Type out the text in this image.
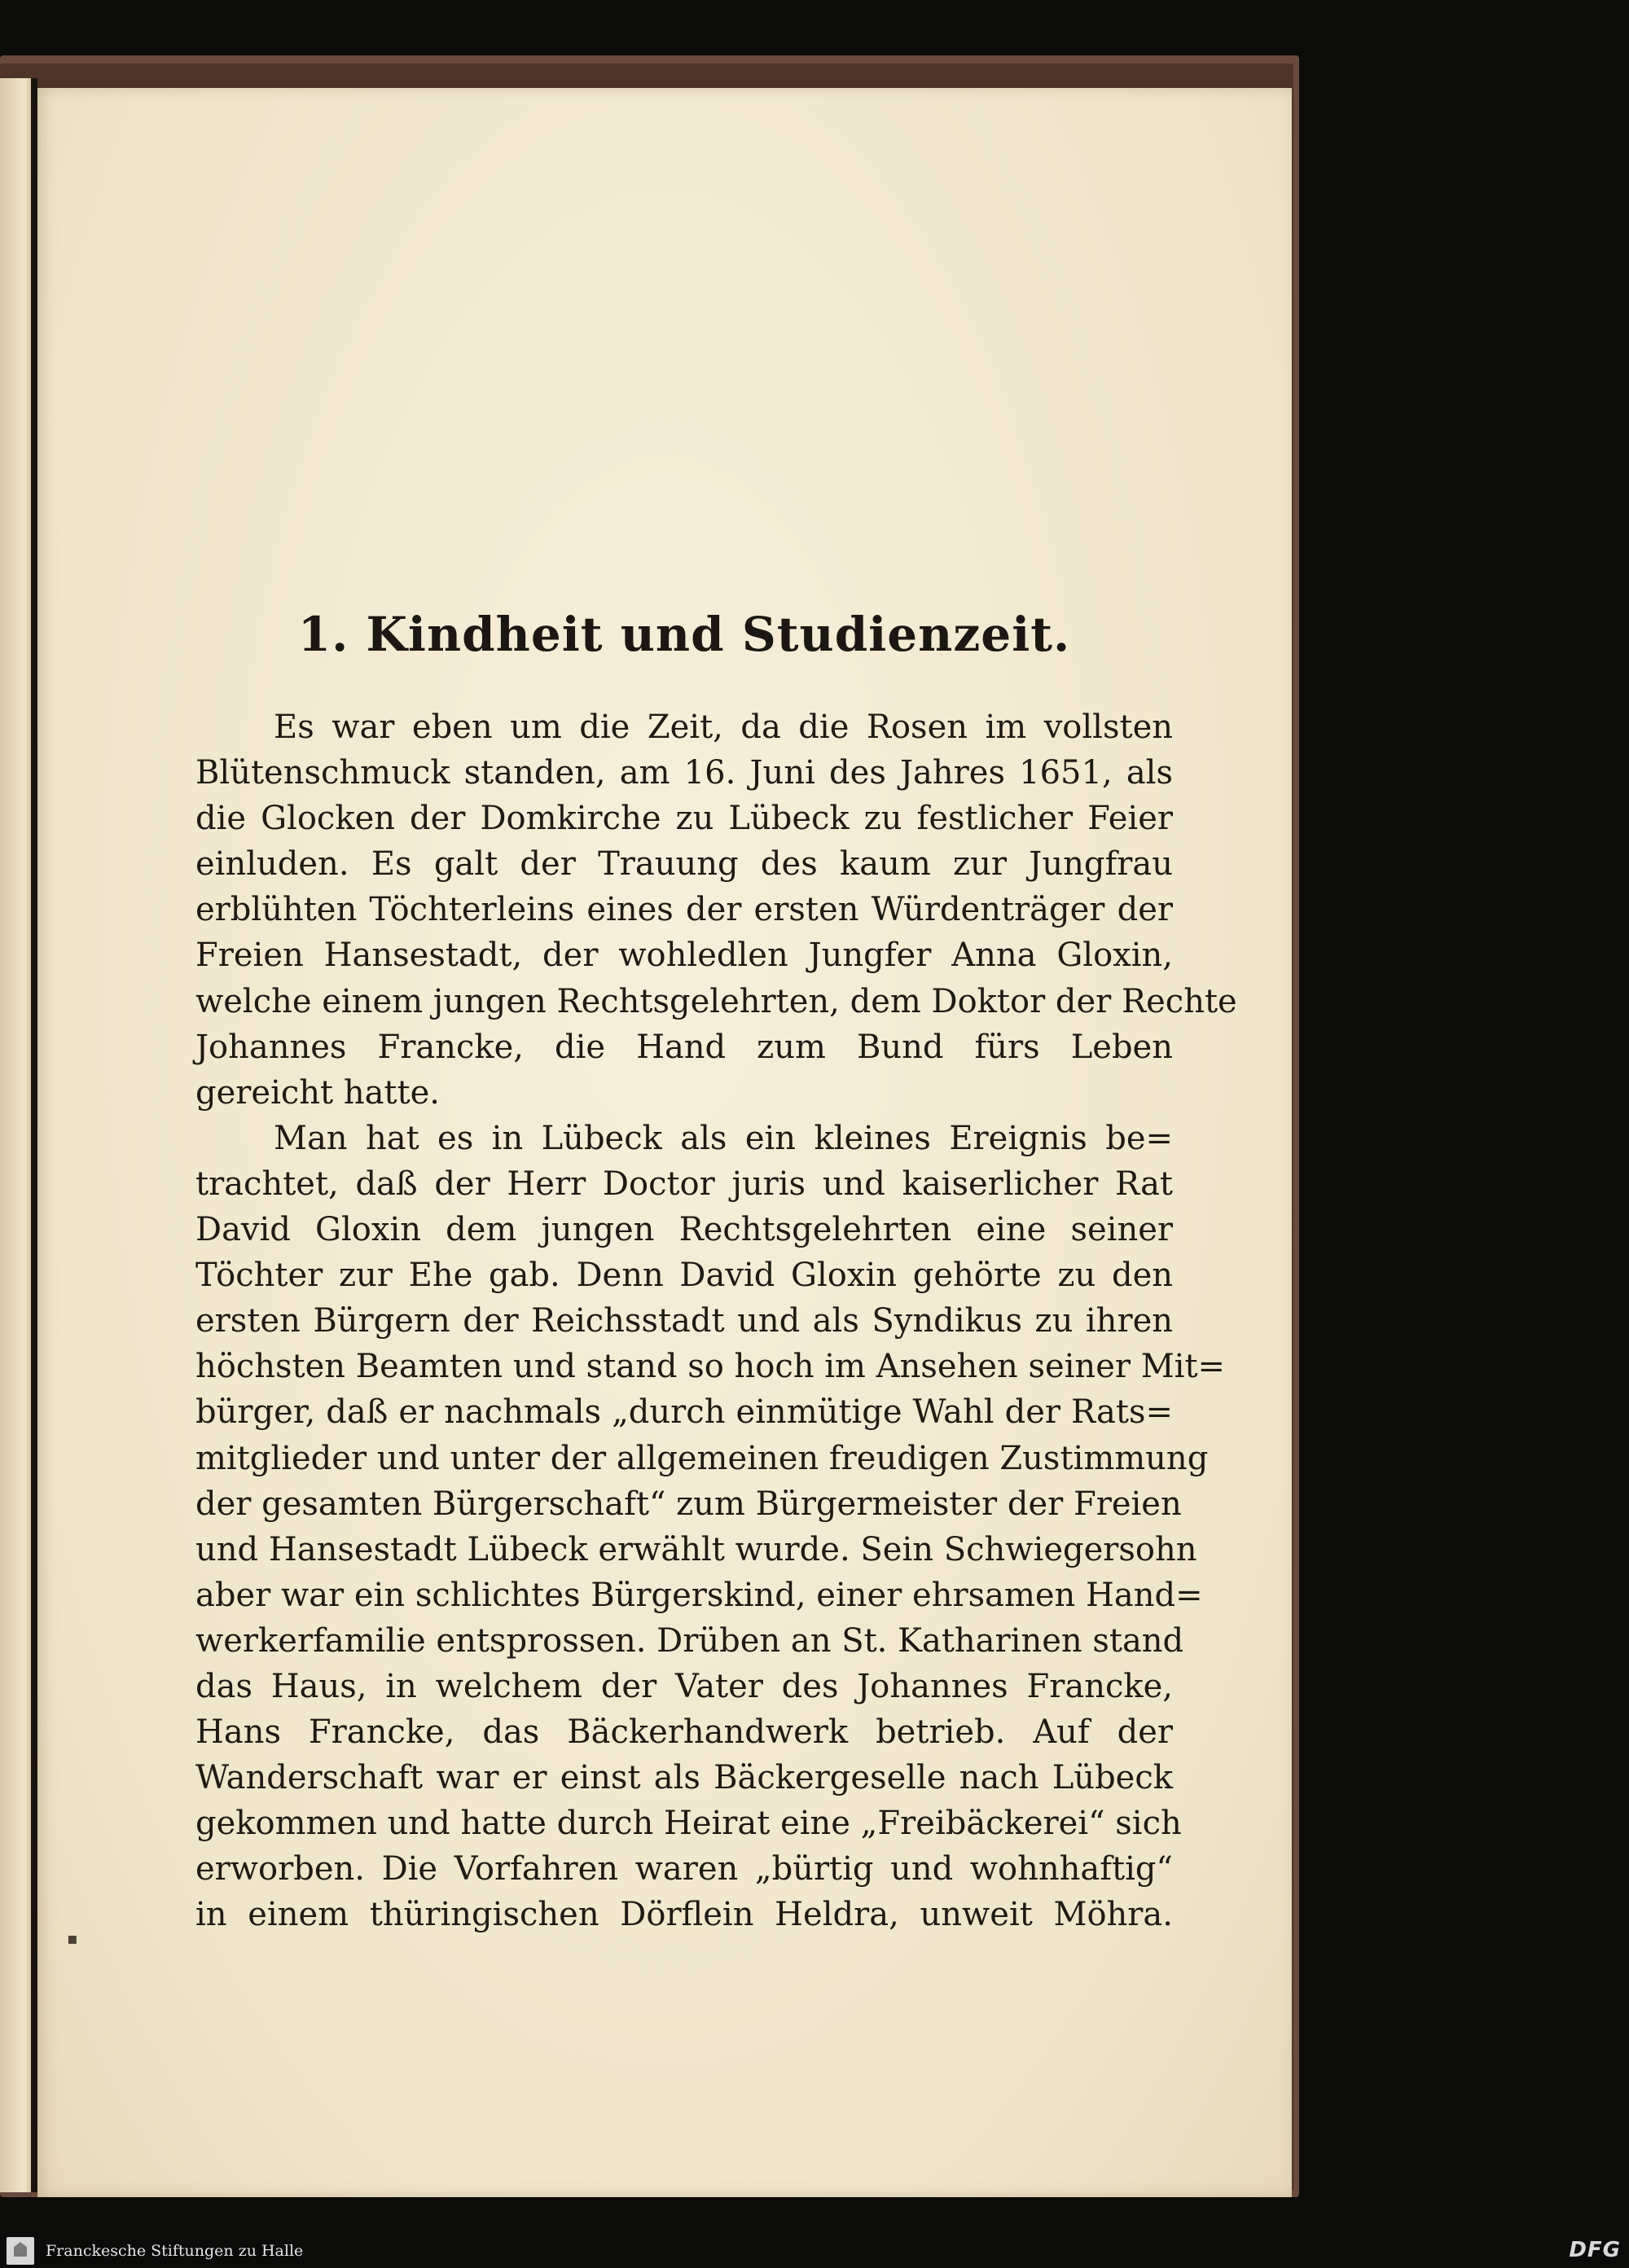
1. Kindheit und Studienzeit.

Es war eben um die Zeit, da die Rosen im vollsten
Blütenschmuck standen, am 16. Juni des Jahres 1651, als
die Glocken der Domkirche zu Lübeck zu festlicher Feier
einluden. Es galt der Trauung des kaum zur Jungfrau
erblühten Töchterleins eines der ersten Würdenträger der
Freien Hansestadt, der wohledlen Jungfer Anna Gloxin,
welche einem jungen Rechtsgelehrten, dem Doktor der Rechte
Johannes Francke, die Hand zum Bund fürs Leben
gereicht hatte.

Man hat es in Lübeck als ein kleines Ereignis be=
trachtet, daß der Herr Doctor juris und kaiserlicher Rat
David Gloxin dem jungen Rechtsgelehrten eine seiner
Töchter zur Ehe gab. Denn David Gloxin gehörte zu den
ersten Bürgern der Reichsstadt und als Syndikus zu ihren
höchsten Beamten und stand so hoch im Ansehen seiner Mit=
bürger, daß er nachmals „durch einmütige Wahl der Rats=
mitglieder und unter der allgemeinen freudigen Zustimmung
der gesamten Bürgerschaft“ zum Bürgermeister der Freien
und Hansestadt Lübeck erwählt wurde. Sein Schwiegersohn
aber war ein schlichtes Bürgerskind, einer ehrsamen Hand=
werkerfamilie entsprossen. Drüben an St. Katharinen stand
das Haus, in welchem der Vater des Johannes Francke,
Hans Francke, das Bäckerhandwerk betrieb. Auf der
Wanderschaft war er einst als Bäckergeselle nach Lübeck
gekommen und hatte durch Heirat eine „Freibäckerei“ sich
erworben. Die Vorfahren waren „bürtig und wohnhaftig“
in einem thüringischen Dörflein Heldra, unweit Möhra.

▪
Franckesche Stiftungen zu Halle	DFG
